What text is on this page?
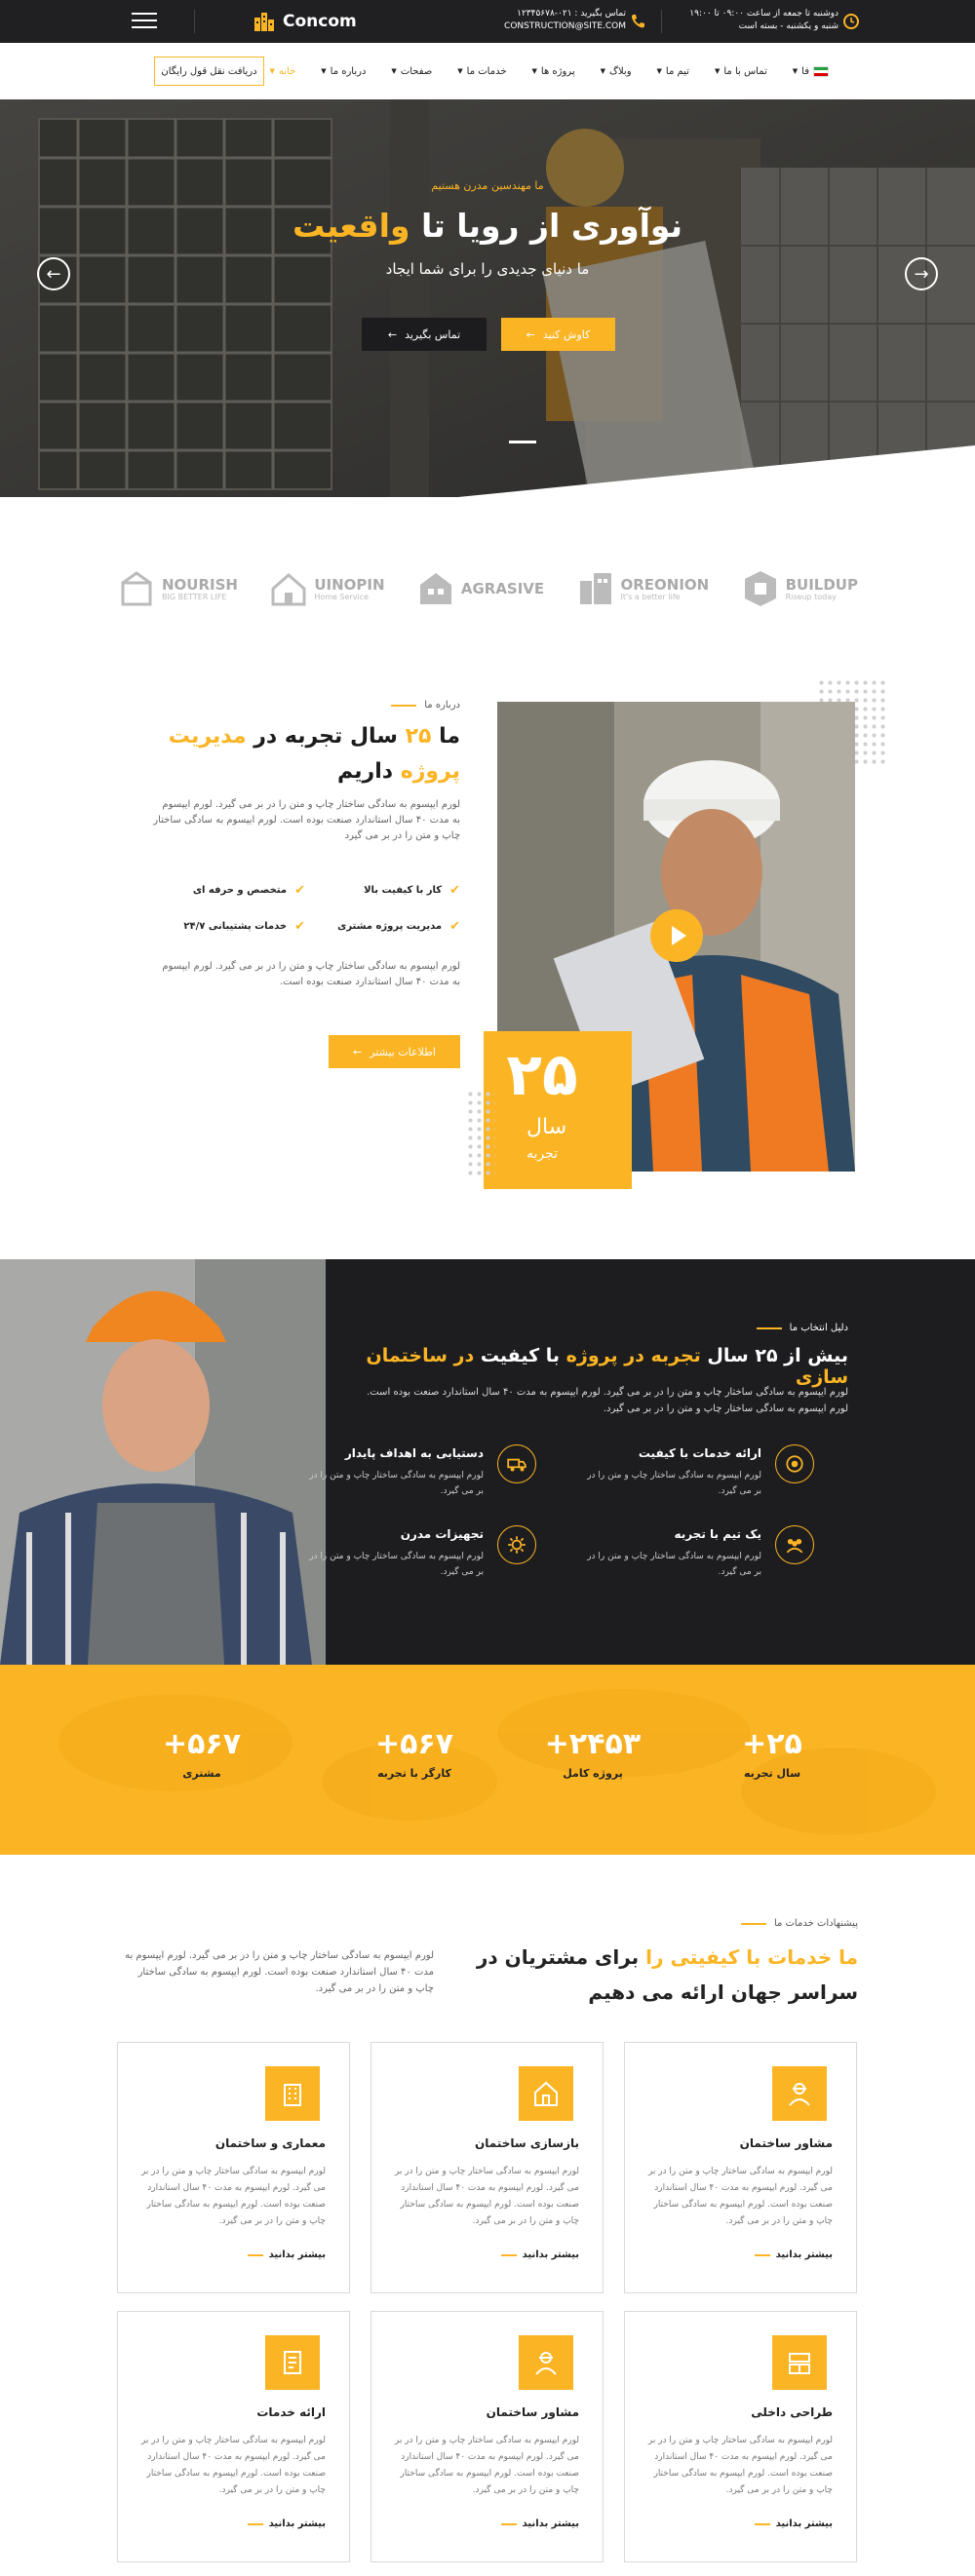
Concom	تماس بگیرید : ۰۲۱-۱۲۳۴۵۶۷۸
CONSTRUCTION@SITE.COM
دوشنبه تا جمعه از ساعت ۰۹:۰۰ تا ۱۹:۰۰
شنبه و یکشنبه - بسته است
دریافت نقل قول رایگان	خانه
▼	درباره ما
▼	صفحات
▼	خدمات ما
▼	پروژه ها
▼	وبلاگ
▼	تیم ما
▼	تماس با ما
▼	فا
▼
ما مهندسین مدرن هستیم
نوآوری از رویا تا واقعیت
ما دنیای جدیدی را برای شما ایجاد
کاوش کنید
←
تماس بگیرید
←
←	→
NOURISH
BIG BETTER LIFE
UINOPIN
Home Service	AGRASIVE	OREONION
It's a better life
BUILDUP
Riseup today
درباره ما
ما ۲۵ سال تجربه در مدیریت پروژه داریم
لورم ایپسوم به سادگی ساختار چاپ و متن را در بر می گیرد. لورم ایپسوم به مدت ۴۰ سال استاندارد صنعت بوده است. لورم ایپسوم به سادگی ساختار چاپ و متن را در بر می گیرد
✔
کار با کیفیت بالا
✔
متخصص و حرفه ای
✔
مدیریت پروژه مشتری
✔
خدمات پشتیبانی ۲۴/۷
لورم ایپسوم به سادگی ساختار چاپ و متن را در بر می گیرد. لورم ایپسوم به مدت ۴۰ سال استاندارد صنعت بوده است.
اطلاعات بیشتر
←	۲۵
سال
تجربه
دلیل انتخاب ما
بیش از ۲۵ سال تجربه در پروژه با کیفیت در ساختمان سازی
لورم ایپسوم به سادگی ساختار چاپ و متن را در بر می گیرد. لورم ایپسوم به مدت ۴۰ سال استاندارد صنعت بوده است. لورم ایپسوم به سادگی ساختار چاپ و متن را در بر می گیرد.
ارائه خدمات با کیفیت
لورم ایپسوم به سادگی ساختار چاپ و متن را در بر می گیرد.
دستیابی به اهداف پایدار
لورم ایپسوم به سادگی ساختار چاپ و متن را در بر می گیرد.
یک تیم با تجربه
لورم ایپسوم به سادگی ساختار چاپ و متن را در بر می گیرد.
تجهیزات مدرن
لورم ایپسوم به سادگی ساختار چاپ و متن را در بر می گیرد.
+۲۵
سال تجربه
+۲۴۵۳
پروژه کامل
+۵۶۷
کارگر با تجربه
+۵۶۷
مشتری
پیشنهادات خدمات ما
ما خدمات با کیفیتی را برای مشتریان در سراسر جهان ارائه می دهیم
لورم ایپسوم به سادگی ساختار چاپ و متن را در بر می گیرد. لورم ایپسوم به مدت ۴۰ سال استاندارد صنعت بوده است. لورم ایپسوم به سادگی ساختار چاپ و متن را در بر می گیرد.
مشاور ساختمان
لورم ایپسوم به سادگی ساختار چاپ و متن را در بر می گیرد. لورم ایپسوم به مدت ۴۰ سال استاندارد صنعت بوده است. لورم ایپسوم به سادگی ساختار چاپ و متن را در بر می گیرد.
بیشتر بدانید
بازسازی ساختمان
لورم ایپسوم به سادگی ساختار چاپ و متن را در بر می گیرد. لورم ایپسوم به مدت ۴۰ سال استاندارد صنعت بوده است. لورم ایپسوم به سادگی ساختار چاپ و متن را در بر می گیرد.
بیشتر بدانید
معماری و ساختمان
لورم ایپسوم به سادگی ساختار چاپ و متن را در بر می گیرد. لورم ایپسوم به مدت ۴۰ سال استاندارد صنعت بوده است. لورم ایپسوم به سادگی ساختار چاپ و متن را در بر می گیرد.
بیشتر بدانید
طراحی داخلی
لورم ایپسوم به سادگی ساختار چاپ و متن را در بر می گیرد. لورم ایپسوم به مدت ۴۰ سال استاندارد صنعت بوده است. لورم ایپسوم به سادگی ساختار چاپ و متن را در بر می گیرد.
بیشتر بدانید
مشاور ساختمان
لورم ایپسوم به سادگی ساختار چاپ و متن را در بر می گیرد. لورم ایپسوم به مدت ۴۰ سال استاندارد صنعت بوده است. لورم ایپسوم به سادگی ساختار چاپ و متن را در بر می گیرد.
بیشتر بدانید
ارائه خدمات
لورم ایپسوم به سادگی ساختار چاپ و متن را در بر می گیرد. لورم ایپسوم به مدت ۴۰ سال استاندارد صنعت بوده است. لورم ایپسوم به سادگی ساختار چاپ و متن را در بر می گیرد.
بیشتر بدانید
